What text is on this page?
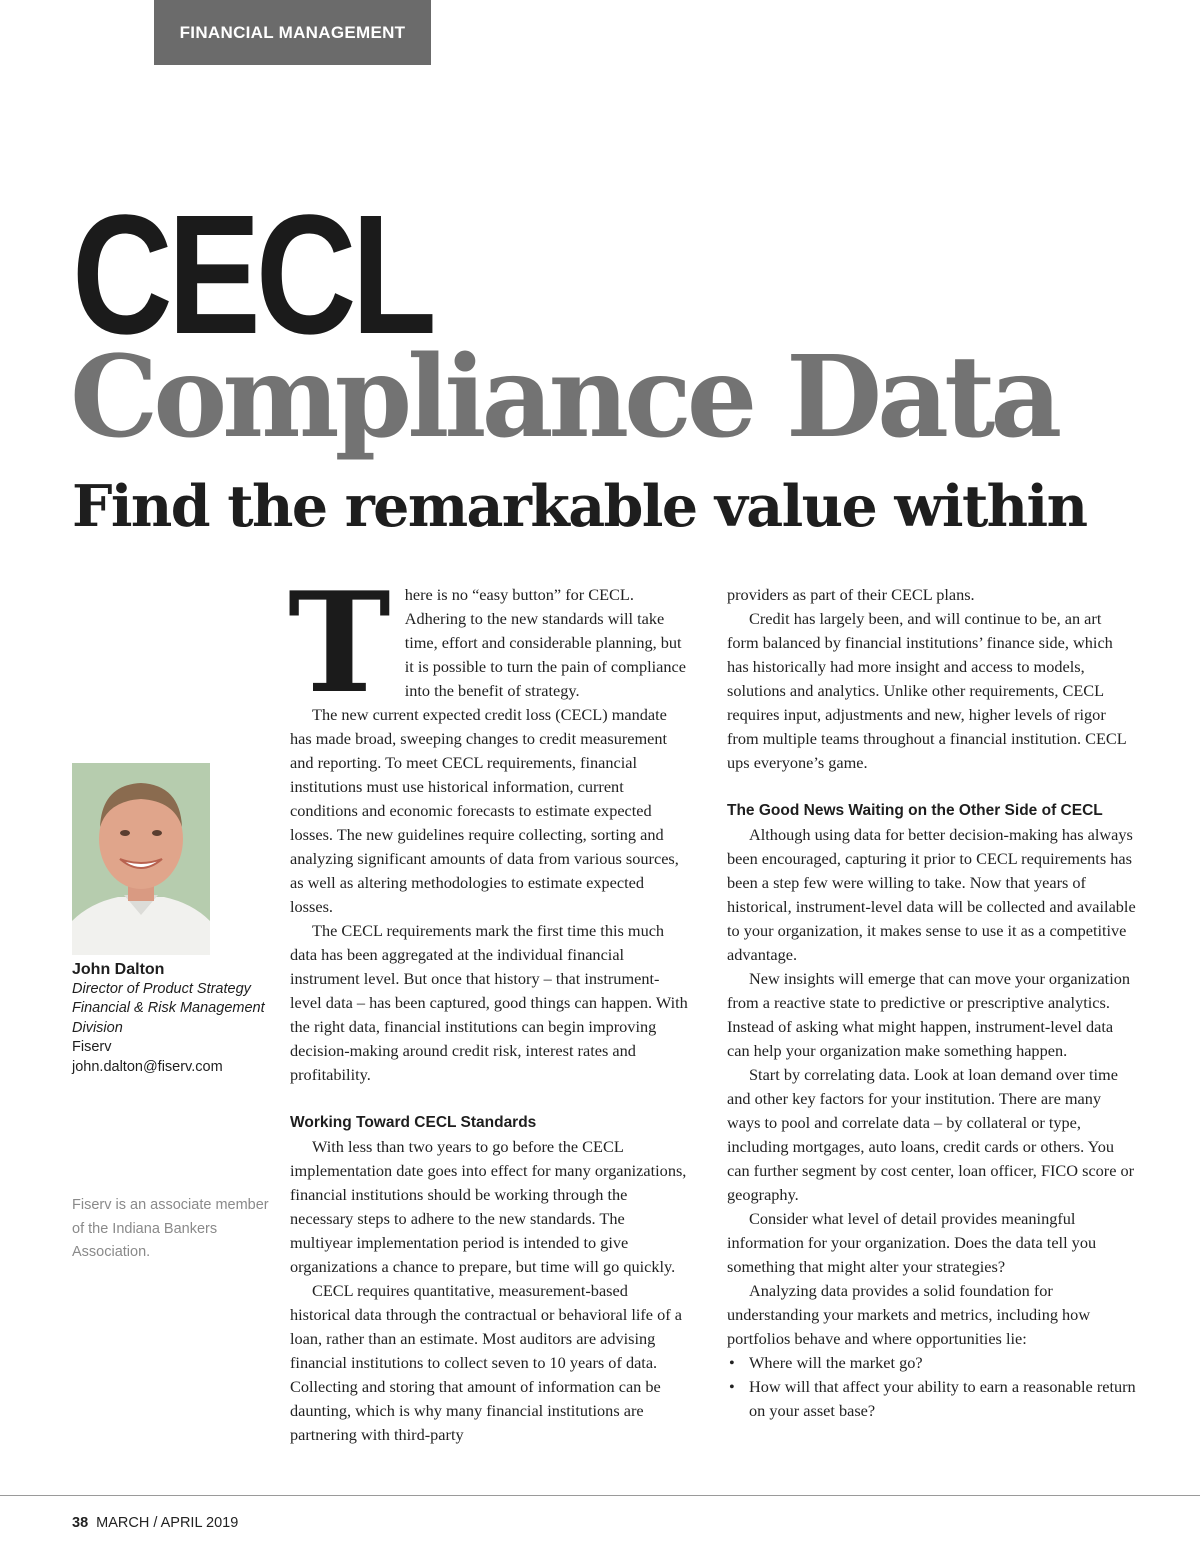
FINANCIAL MANAGEMENT
CECL
Compliance Data
Find the remarkable value within
John Dalton
Director of Product Strategy
Financial & Risk Management Division
Fiserv
john.dalton@fiserv.com
Fiserv is an associate member of the Indiana Bankers Association.
T here is no “easy button” for CECL. Adhering to the new standards will take time, effort and considerable planning, but it is possible to turn the pain of compliance into the benefit of strategy.

The new current expected credit loss (CECL) mandate has made broad, sweeping changes to credit measurement and reporting. To meet CECL requirements, financial institutions must use historical information, current conditions and economic forecasts to estimate expected losses. The new guidelines require collecting, sorting and analyzing significant amounts of data from various sources, as well as altering methodologies to estimate expected losses.

The CECL requirements mark the first time this much data has been aggregated at the individual financial instrument level. But once that history – that instrument-level data – has been captured, good things can happen. With the right data, financial institutions can begin improving decision-making around credit risk, interest rates and profitability.

Working Toward CECL Standards

With less than two years to go before the CECL implementation date goes into effect for many organizations, financial institutions should be working through the necessary steps to adhere to the new standards. The multiyear implementation period is intended to give organizations a chance to prepare, but time will go quickly.

CECL requires quantitative, measurement-based historical data through the contractual or behavioral life of a loan, rather than an estimate. Most auditors are advising financial institutions to collect seven to 10 years of data. Collecting and storing that amount of information can be daunting, which is why many financial institutions are partnering with third-party

providers as part of their CECL plans.

Credit has largely been, and will continue to be, an art form balanced by financial institutions’ finance side, which has historically had more insight and access to models, solutions and analytics. Unlike other requirements, CECL requires input, adjustments and new, higher levels of rigor from multiple teams throughout a financial institution. CECL ups everyone’s game.

The Good News Waiting on the Other Side of CECL

Although using data for better decision-making has always been encouraged, capturing it prior to CECL requirements has been a step few were willing to take. Now that years of historical, instrument-level data will be collected and available to your organization, it makes sense to use it as a competitive advantage.

New insights will emerge that can move your organization from a reactive state to predictive or prescriptive analytics. Instead of asking what might happen, instrument-level data can help your organization make something happen.

Start by correlating data. Look at loan demand over time and other key factors for your institution. There are many ways to pool and correlate data – by collateral or type, including mortgages, auto loans, credit cards or others. You can further segment by cost center, loan officer, FICO score or geography.

Consider what level of detail provides meaningful information for your organization. Does the data tell you something that might alter your strategies?

Analyzing data provides a solid foundation for understanding your markets and metrics, including how portfolios behave and where opportunities lie:

• Where will the market go?
• How will that affect your ability to earn a reasonable return on your asset base?
38 MARCH / APRIL 2019
